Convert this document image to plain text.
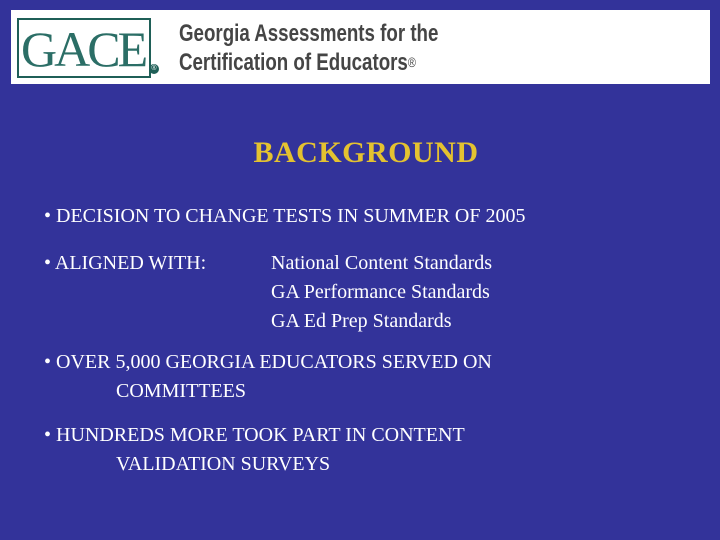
GACE ®
Georgia Assessments for the
Certification of Educators®
BACKGROUND
• DECISION TO CHANGE TESTS IN SUMMER OF 2005
• ALIGNED WITH:	National Content Standards
GA Performance Standards
GA Ed Prep Standards
• OVER 5,000 GEORGIA EDUCATORS SERVED ON
COMMITTEES
• HUNDREDS MORE TOOK PART IN CONTENT
VALIDATION SURVEYS
